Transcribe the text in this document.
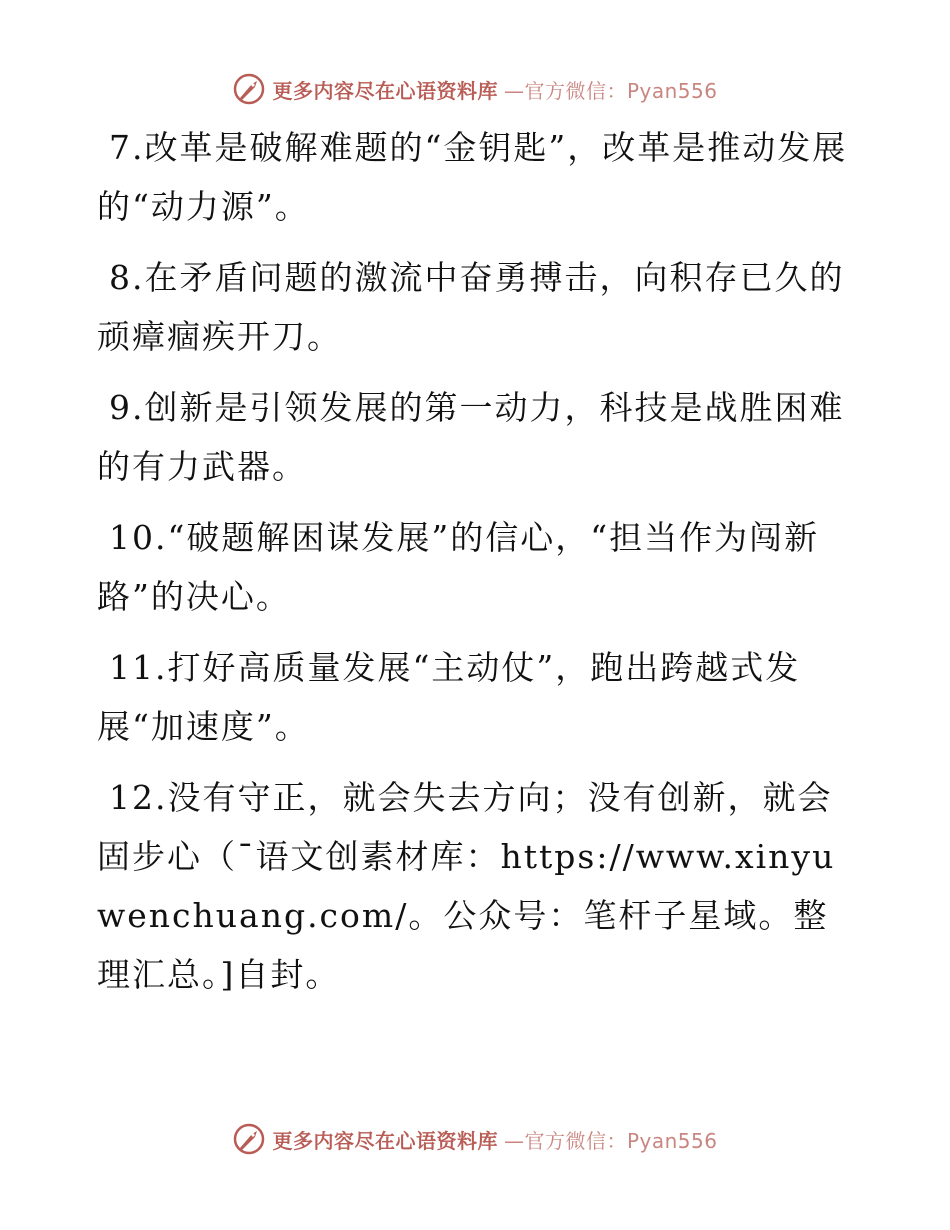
更多内容尽在心语资料库 —官方微信：Pyan556

7.改革是破解难题的“金钥匙”，改革是推动发展的“动力源”。

8.在矛盾问题的激流中奋勇搏击，向积存已久的顽瘴痼疾开刀。

9.创新是引领发展的第一动力，科技是战胜困难的有力武器。

10.“破题解困谋发展”的信心，“担当作为闯新路”的决心。

11.打好高质量发展“主动仗”，跑出跨越式发展“加速度”。

12.没有守正，就会失去方向；没有创新，就会固步心（¯语文创素材库：https://www.xinyuwenchuang.com/。公众号：笔杆子星域。整理汇总。]自封。

更多内容尽在心语资料库 —官方微信：Pyan556
